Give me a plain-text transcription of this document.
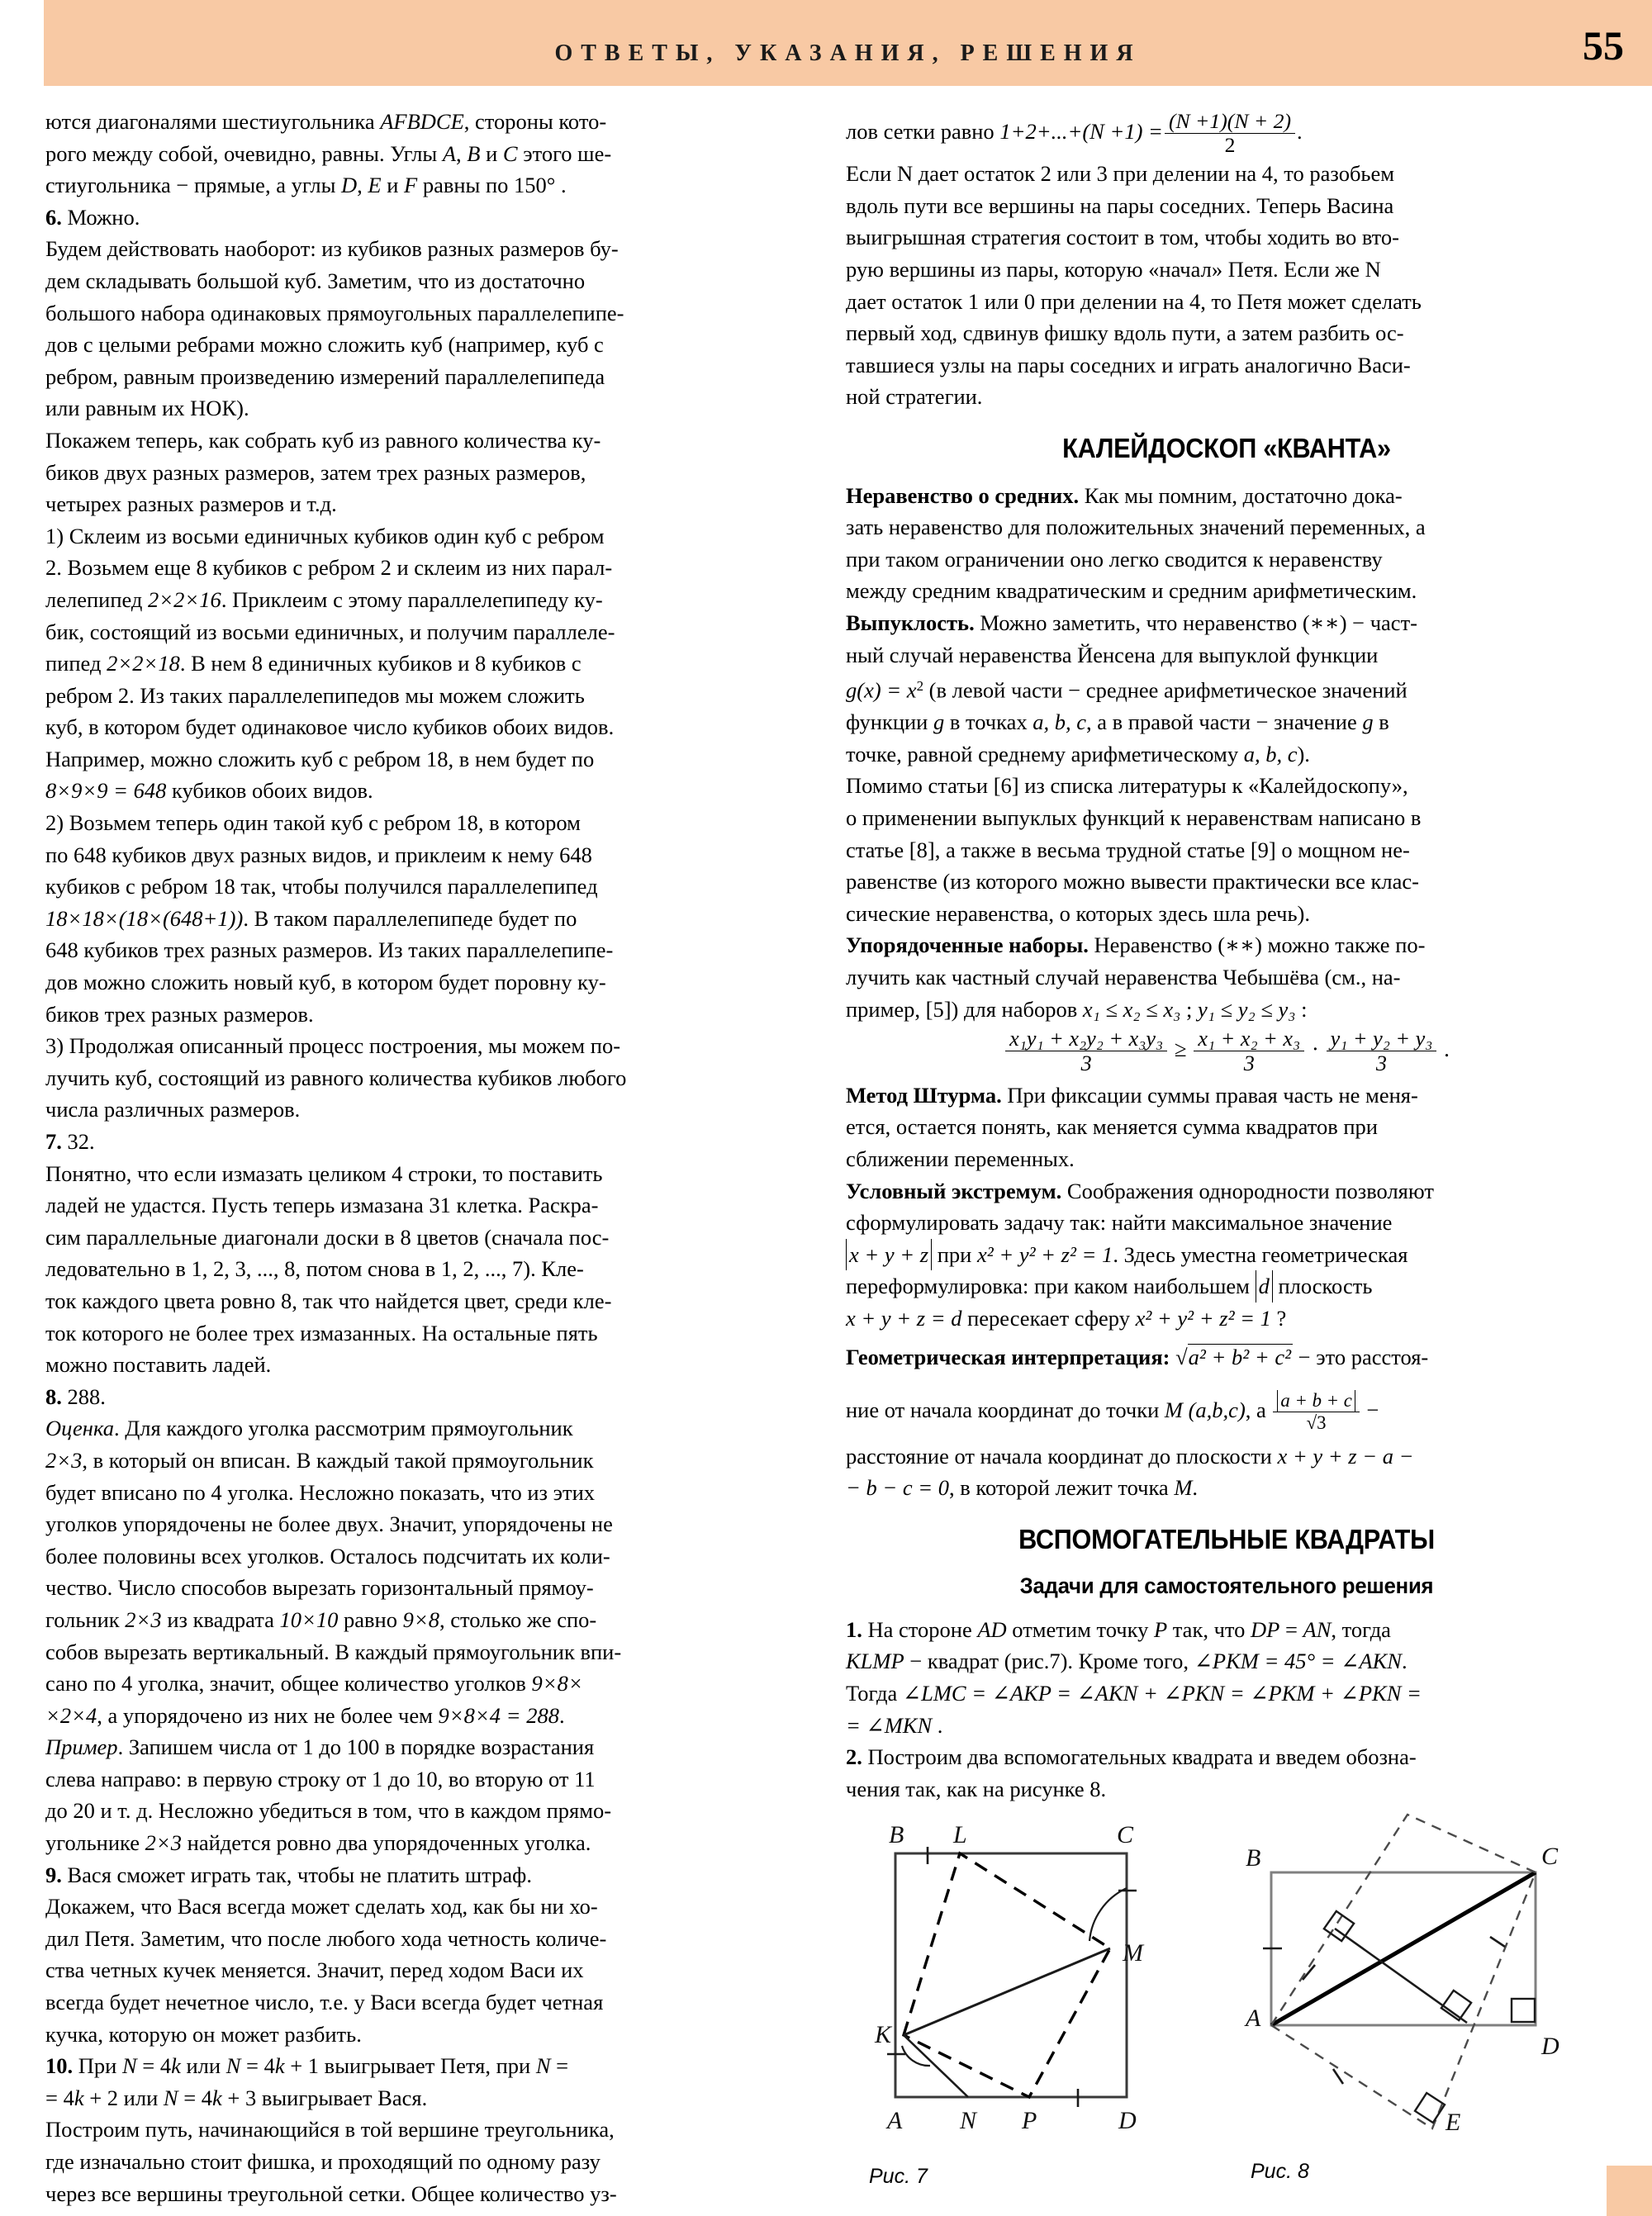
ОТВЕТЫ, УКАЗАНИЯ, РЕШЕНИЯ	55

ются диагоналями шестиугольника AFBDCE, стороны кото-
рого между собой, очевидно, равны. Углы A, B и C этого ше-
стиугольника − прямые, а углы D, E и F равны по 150° .

6. Можно.
Будем действовать наоборот: из кубиков разных размеров бу-
дем складывать большой куб. Заметим, что из достаточно
большого набора одинаковых прямоугольных параллелепипе-
дов с целыми ребрами можно сложить куб (например, куб с
ребром, равным произведению измерений параллелепипеда
или равным их НОК).
Покажем теперь, как собрать куб из равного количества ку-
биков двух разных размеров, затем трех разных размеров,
четырех разных размеров и т.д.
1) Склеим из восьми единичных кубиков один куб с ребром
2. Возьмем еще 8 кубиков с ребром 2 и склеим из них парал-
лелепипед 2×2×16. Приклеим с этому параллелепипеду ку-
бик, состоящий из восьми единичных, и получим параллеле-
пипед 2×2×18. В нем 8 единичных кубиков и 8 кубиков с
ребром 2. Из таких параллелепипедов мы можем сложить
куб, в котором будет одинаковое число кубиков обоих видов.
Например, можно сложить куб с ребром 18, в нем будет по
8×9×9 = 648 кубиков обоих видов.
2) Возьмем теперь один такой куб с ребром 18, в котором
по 648 кубиков двух разных видов, и приклеим к нему 648
кубиков с ребром 18 так, чтобы получился параллелепипед
18×18×(18×(648+1)). В таком параллелепипеде будет по
648 кубиков трех разных размеров. Из таких параллелепипе-
дов можно сложить новый куб, в котором будет поровну ку-
биков трех разных размеров.
3) Продолжая описанный процесс построения, мы можем по-
лучить куб, состоящий из равного количества кубиков любого
числа различных размеров.

7. 32.
Понятно, что если измазать целиком 4 строки, то поставить
ладей не удастся. Пусть теперь измазана 31 клетка. Раскра-
сим параллельные диагонали доски в 8 цветов (сначала пос-
ледовательно в 1, 2, 3, ..., 8, потом снова в 1, 2, ..., 7). Кле-
ток каждого цвета ровно 8, так что найдется цвет, среди кле-
ток которого не более трех измазанных. На остальные пять
можно поставить ладей.

8. 288.
Оценка. Для каждого уголка рассмотрим прямоугольник
2×3, в который он вписан. В каждый такой прямоугольник
будет вписано по 4 уголка. Несложно показать, что из этих
уголков упорядочены не более двух. Значит, упорядочены не
более половины всех уголков. Осталось подсчитать их коли-
чество. Число способов вырезать горизонтальный прямоу-
гольник 2×3 из квадрата 10×10 равно 9×8, столько же спо-
собов вырезать вертикальный. В каждый прямоугольник впи-
сано по 4 уголка, значит, общее количество уголков 9×8×
×2×4, а упорядочено из них не более чем 9×8×4 = 288.
Пример. Запишем числа от 1 до 100 в порядке возрастания
слева направо: в первую строку от 1 до 10, во вторую от 11
до 20 и т. д. Несложно убедиться в том, что в каждом прямо-
угольнике 2×3 найдется ровно два упорядоченных уголка.

9. Вася сможет играть так, чтобы не платить штраф.
Докажем, что Вася всегда может сделать ход, как бы ни хо-
дил Петя. Заметим, что после любого хода четность количе-
ства четных кучек меняется. Значит, перед ходом Васи их
всегда будет нечетное число, т.е. у Васи всегда будет четная
кучка, которую он может разбить.

10. При N = 4k или N = 4k + 1 выигрывает Петя, при N =
= 4k + 2 или N = 4k + 3 выигрывает Вася.
Построим путь, начинающийся в той вершине треугольника,
где изначально стоит фишка, и проходящий по одному разу
через все вершины треугольной сетки. Общее количество уз-

лов сетки равно $1+2+...+(N +1) = \frac{(N +1)(N + 2)}{2}$ .
Если N дает остаток 2 или 3 при делении на 4, то разобьем
вдоль пути все вершины на пары соседних. Теперь Васина
выигрышная стратегия состоит в том, чтобы ходить во вто-
рую вершины из пары, которую «начал» Петя. Если же N
дает остаток 1 или 0 при делении на 4, то Петя может сделать
первый ход, сдвинув фишку вдоль пути, а затем разбить ос-
тавшиеся узлы на пары соседних и играть аналогично Васи-
ной стратегии.

КАЛЕЙДОСКОП «КВАНТА»

Неравенство о средних. Как мы помним, достаточно дока-
зать неравенство для положительных значений переменных, а
при таком ограничении оно легко сводится к неравенству
между средним квадратическим и средним арифметическим.

Выпуклость. Можно заметить, что неравенство (∗∗) − част-
ный случай неравенства Йенсена для выпуклой функции
$g(x) = x^2$ (в левой части − среднее арифметическое значений
функции g в точках a, b, c, а в правой части − значение g в
точке, равной среднему арифметическому a, b, c).
Помимо статьи [6] из списка литературы к «Калейдоскопу»,
о применении выпуклых функций к неравенствам написано в
статье [8], а также в весьма трудной статье [9] о мощном не-
равенстве (из которого можно вывести практически все клас-
сические неравенства, о которых здесь шла речь).

Упорядоченные наборы. Неравенство (∗∗) можно также по-
лучить как частный случай неравенства Чебышёва (см., на-
пример, [5]) для наборов x₁ ≤ x₂ ≤ x₃ ; y₁ ≤ y₂ ≤ y₃ :

$\frac{\text{x₁y₁ + x₂y₂ + x₃y₃}}{3} \ge \frac{\text{x₁ + x₂ + x₃}}{3} \cdot \frac{\text{y₁ + y₂ + y₃}}{3}$ .

Метод Штурма. При фиксации суммы правая часть не меня-
ется, остается понять, как меняется сумма квадратов при
сближении переменных.

Условный экстремум. Соображения однородности позволяют
сформулировать задачу так: найти максимальное значение
x + y + z при x² + y² + z² = 1. Здесь уместна геометрическая
переформулировка: при каком наибольшем d плоскость
x + y + z = d пересекает сферу x² + y² + z² = 1 ?

Геометрическая интерпретация: √a² + b² + c² − это расстоя-
ние от начала координат до точки M (a,b,c), а $\frac{a + b + c}{√3}$ −
расстояние от начала координат до плоскости x + y + z − a −
− b − c = 0, в которой лежит точка M.

ВСПОМОГАТЕЛЬНЫЕ КВАДРАТЫ
Задачи для самостоятельного решения

1. На стороне AD отметим точку P так, что DP = AN, тогда
KLMP − квадрат (рис.7). Кроме того, ∠PKM = 45° = ∠AKN.
Тогда ∠LMC = ∠AKP = ∠AKN + ∠PKN = ∠PKM + ∠PKN =
= ∠MKN .

2. Построим два вспомогательных квадрата и введем обозна-
чения так, как на рисунке 8.

B L	C
M
K
A N P	D
Рис. 7
B	C
A
D
E
Рис. 8
